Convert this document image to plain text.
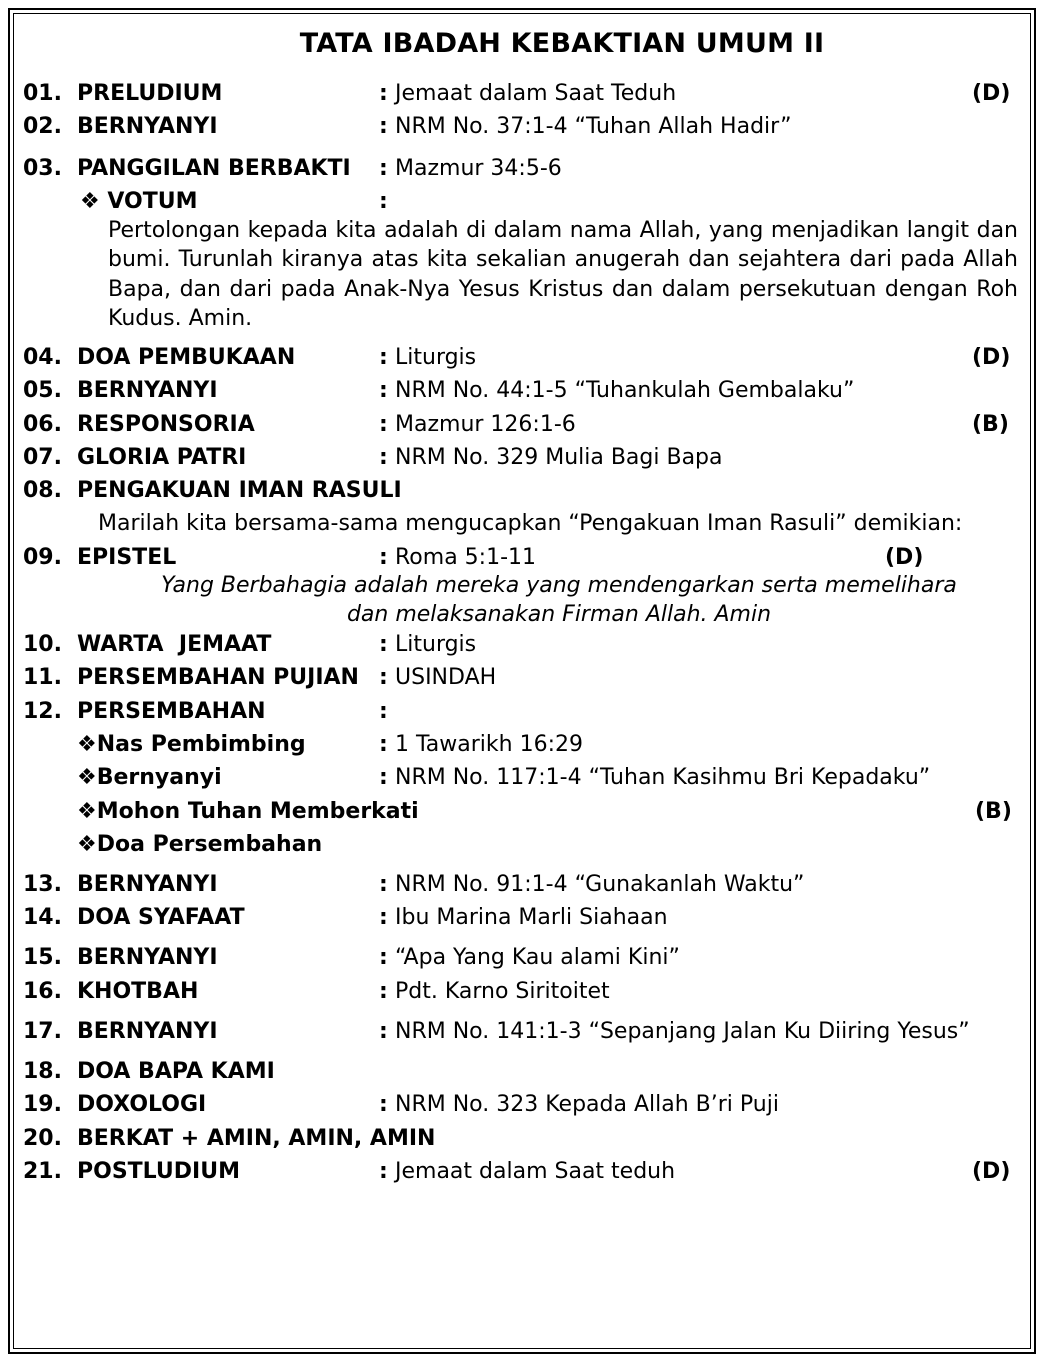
TATA IBADAH KEBAKTIAN UMUM II
01. PRELUDIUM	: Jemaat dalam Saat Teduh	(D)
02. BERNYANYI	: NRM No. 37:1-4 “Tuhan Allah Hadir”
03. PANGGILAN BERBAKTI : Mazmur 34:5-6
❖ VOTUM	:
Pertolongan kepada kita adalah di dalam nama Allah, yang menjadikan langit dan bumi. Turunlah kiranya atas kita sekalian anugerah dan sejahtera dari pada Allah Bapa, dan dari pada Anak-Nya Yesus Kristus dan dalam persekutuan dengan Roh Kudus. Amin.
04. DOA PEMBUKAAN	: Liturgis	(D)
05. BERNYANYI	: NRM No. 44:1-5 “Tuhankulah Gembalaku”
06. RESPONSORIA	: Mazmur 126:1-6	(B)
07. GLORIA PATRI	: NRM No. 329 Mulia Bagi Bapa
08. PENGAKUAN IMAN RASULI
Marilah kita bersama-sama mengucapkan “Pengakuan Iman Rasuli” demikian:
09. EPISTEL	: Roma 5:1-11	(D)
Yang Berbahagia adalah mereka yang mendengarkan serta memelihara
dan melaksanakan Firman Allah. Amin
10. WARTA  JEMAAT	: Liturgis
11. PERSEMBAHAN PUJIAN : USINDAH
12. PERSEMBAHAN	:
❖Nas Pembimbing	: 1 Tawarikh 16:29
❖Bernyanyi	: NRM No. 117:1-4 “Tuhan Kasihmu Bri Kepadaku”
❖Mohon Tuhan Memberkati	(B)
❖Doa Persembahan
13. BERNYANYI	: NRM No. 91:1-4 “Gunakanlah Waktu”
14. DOA SYAFAAT	: Ibu Marina Marli Siahaan
15. BERNYANYI	: “Apa Yang Kau alami Kini”
16. KHOTBAH	: Pdt. Karno Siritoitet
17. BERNYANYI	: NRM No. 141:1-3 “Sepanjang Jalan Ku Diiring Yesus”
18. DOA BAPA KAMI
19. DOXOLOGI	: NRM No. 323 Kepada Allah B’ri Puji
20. BERKAT + AMIN, AMIN, AMIN
21. POSTLUDIUM	: Jemaat dalam Saat teduh	(D)
